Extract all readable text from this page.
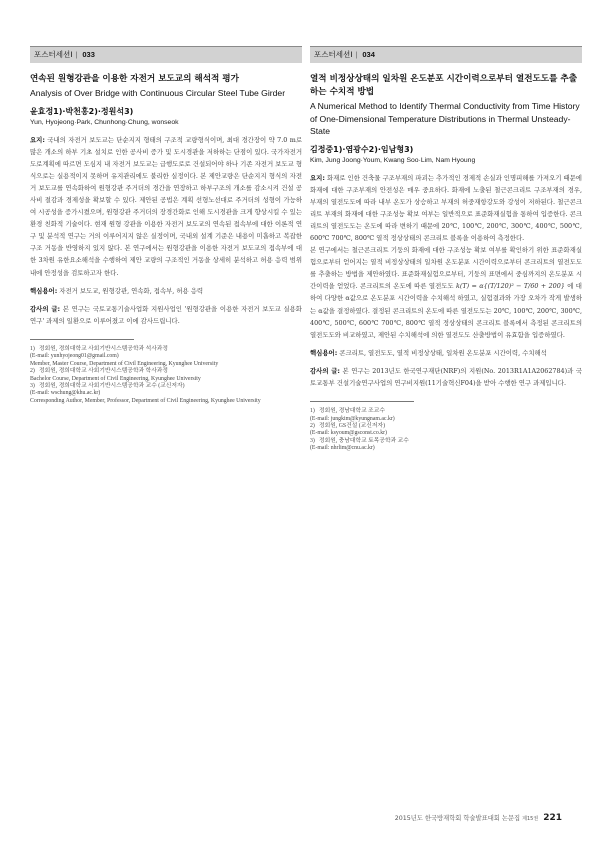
포스터세션Ⅰ | 033
연속된 원형강관을 이용한 자전거 보도교의 해석적 평가
Analysis of Over Bridge with Continuous Circular Steel Tube Girder
윤효정1)·박천홍2)·정원석3)
Yun, Hyojeong·Park, Chunhong·Chung, wonseok
요지: 국내의 자전거 보도교는 단순지지 형태의 구조적 교량형식이며, 최대 경간장이 약 7.0 m로 많은 개소의 하부 기초 설치로 인한 공사비 증가 및 도시경관을 저하하는 단점이 있다. 국가자전거도로계획에 따르면 도심지 내 자전거 보도교는 급행도로로 건설되어야 하나 기존 자전거 보도교 형식으로는 실용적이지 못하며 유지관리에도 불리한 실정이다. 본 제안교량은 단순지지 형식의 자전거 보도교를 연속화하여 원형강관 주거더의 경간을 연장하고 하부구조의 개소를 감소시켜 건설 공사비 절감과 경제성을 확보할 수 있다. 제안된 공법은 계획 선형노선대로 주거더의 성형이 가능하여 시공성을 증가시켰으며, 원형강관 주거더의 장경간화로 인해 도시경관을 크게 향상시킬 수 있는 환경 친화적 기술이다. 현재 원형 강관을 이용한 자전거 보도교의 연속된 접속부에 대한 이론적 연구 및 분석적 연구는 거의 이루어지지 않은 실정이며, 국내외 설계 기준은 내용이 미흡하고 복잡한 구조 거동을 반영하지 있지 않다. 본 연구에서는 원형강관을 이용한 자전거 보도교의 접속부에 대한 3차원 유한요소해석을 수행하여 제안 교량의 구조적인 거동을 상세히 분석하고 허용 응력 범위 내에 안정성을 검토하고자 한다.
핵심용어: 자전거 보도교, 원형강관, 연속화, 접속부, 허용 응력
감사의 글: 본 연구는 국토교통기술사업화 지원사업인 '원형강관을 이용한 자전거 보도교 실용화 연구' 과제의 일환으로 이루어졌고 이에 감사드립니다.
1) 정회원, 경희대학교 사회기반시스템공학과 석사과정
(E-mail: yunhyojeong01@gmail.com)
Member, Master Course, Department of Civil Engineering, Kyunghee University
2) 정회원, 경희대학교 사회기반시스템공학과 학사과정
Bachelor Course, Department of Civil Engineering, Kyunghee University
3) 정회원, 경희대학교 사회기반시스템공학과 교수 (교신저자)
(E-mail: wschung@khu.ac.kr)
Corresponding Author, Member, Professor, Department of Civil Engineering, Kyunghee University
포스터세션Ⅰ | 034
열적 비정상상태의 일차원 온도분포 시간이력으로부터 열전도도를 추출하는 수치적 방법
A Numerical Method to Identify Thermal Conductivity from Time History of One-Dimensional Temperature Distributions in Thermal Unsteady-State
김정중1)·염광수2)·임남형3)
Kim, Jung Joong·Youm, Kwang Soo·Lim, Nam Hyoung
요지: 화재로 인한 건축물 구조부재의 파괴는 추가적인 경제적 손실과 인명피해를 가져오기 때문에 화재에 대한 구조부재의 안전성은 매우 중요하다. 화재에 노출된 철근콘크리트 구조부재의 경우, 부재의 열전도도에 따라 내부 온도가 상승하고 부재의 허중재항강도와 강성이 저하된다. 철근콘크리트 부재의 화재에 대한 구조성능 확보 여부는 일반적으로 표준화재실험을 통하여 입증한다. 콘크리트의 열전도도는 온도에 따라 변하기 때문에 20℃, 100℃, 200℃, 300℃, 400℃, 500℃, 600℃ 700℃, 800℃ 열적 정상상태의 콘크리트 블록을 이용하여 측정한다.
본 연구에서는 철근콘크리트 기둥의 화재에 대한 구조성능 확보 여부를 확인하기 위한 표준화재실험으로부터 얻어지는 열적 비정상상태의 일차원 온도분포 시간이력으로부터 콘크리트의 열전도도를 추출하는 방법을 제안하였다. 표준화재실험으로부터, 기둥의 표면에서 중심까지의 온도분포 시간이력을 얻었다. 콘크리트의 온도에 따른 열전도도 k(T) = α{(T/120)² − T/60 + 200} 에 대하여 다양한 α값으로 온도분포 시간이력을 수치해석 하였고, 실험결과와 가장 오차가 작게 발생하는 α값을 결정하였다. 결정된 콘크리트의 온도에 따른 열전도도는 20℃, 100℃, 200℃, 300℃, 400℃, 500℃, 600℃ 700℃, 800℃ 열적 정상상태의 콘크리트 블록에서 측정된 콘크리트의 열전도도와 비교하였고, 제안된 수치해석에 의한 열전도도 산출방법이 유효함을 입증하였다.
핵심용어: 콘크리트, 열전도도, 열적 비정상상태, 일차원 온도분포 시간이력, 수치해석
감사의 글: 본 연구는 2013년도 한국연구재단(NRF)의 지원(No. 2013R1A1A2062784)과 국토교통부 건설기술연구사업의 연구비지원(11기술혁신F04)을 받아 수행한 연구 과제입니다.
1) 정회원, 경남대학교 조교수
(E-mail: jungkim@kyungnam.ac.kr)
2) 정회원, GS건설 (교신저자)
(E-mail: ksyoum@gsconst.co.kr)
3) 정회원, 충남대학교 토목공학과 교수
(E-mail: nhrlim@cnu.ac.kr)
2015년도 한국방재학회 학술발표대회 논문집 제15권 221
